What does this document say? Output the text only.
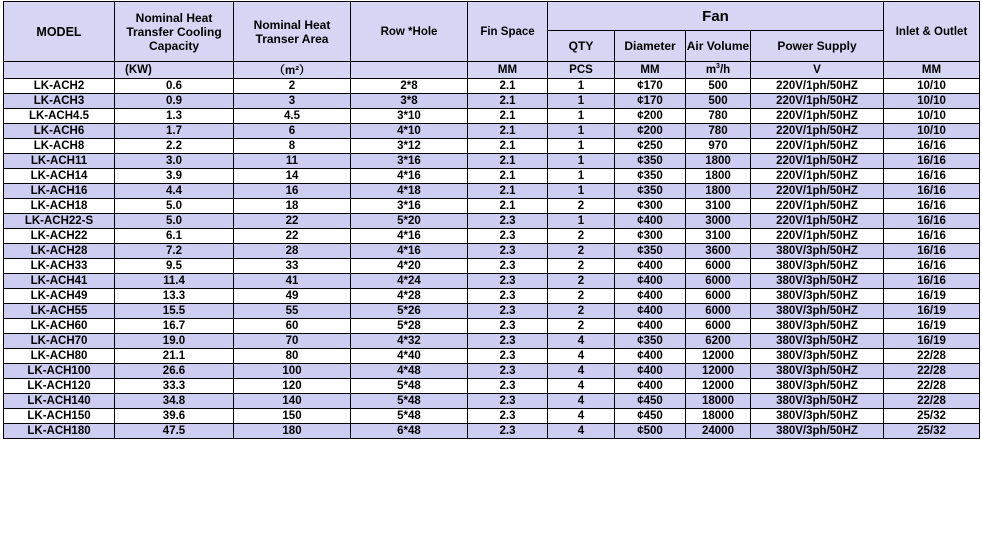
MODEL	Nominal Heat Transfer Cooling Capacity	Nominal Heat Transer Area	Row *Hole	Fin Space	Fan				Inlet & Outlet
					QTY	Diameter	Air Volume	Power Supply	
	(KW)	（m²）		MM	PCS	MM	$m^3/h$	V	MM
LK-ACH2	0.6	2	2*8	2.1	1	¢170	500	220V/1ph/50HZ	10/10
LK-ACH3	0.9	3	3*8	2.1	1	¢170	500	220V/1ph/50HZ	10/10
LK-ACH4.5	1.3	4.5	3*10	2.1	1	¢200	780	220V/1ph/50HZ	10/10
LK-ACH6	1.7	6	4*10	2.1	1	¢200	780	220V/1ph/50HZ	10/10
LK-ACH8	2.2	8	3*12	2.1	1	¢250	970	220V/1ph/50HZ	16/16
LK-ACH11	3.0	11	3*16	2.1	1	¢350	1800	220V/1ph/50HZ	16/16
LK-ACH14	3.9	14	4*16	2.1	1	¢350	1800	220V/1ph/50HZ	16/16
LK-ACH16	4.4	16	4*18	2.1	1	¢350	1800	220V/1ph/50HZ	16/16
LK-ACH18	5.0	18	3*16	2.1	2	¢300	3100	220V/1ph/50HZ	16/16
LK-ACH22-S	5.0	22	5*20	2.3	1	¢400	3000	220V/1ph/50HZ	16/16
LK-ACH22	6.1	22	4*16	2.3	2	¢300	3100	220V/1ph/50HZ	16/16
LK-ACH28	7.2	28	4*16	2.3	2	¢350	3600	380V/3ph/50HZ	16/16
LK-ACH33	9.5	33	4*20	2.3	2	¢400	6000	380V/3ph/50HZ	16/16
LK-ACH41	11.4	41	4*24	2.3	2	¢400	6000	380V/3ph/50HZ	16/16
LK-ACH49	13.3	49	4*28	2.3	2	¢400	6000	380V/3ph/50HZ	16/19
LK-ACH55	15.5	55	5*26	2.3	2	¢400	6000	380V/3ph/50HZ	16/19
LK-ACH60	16.7	60	5*28	2.3	2	¢400	6000	380V/3ph/50HZ	16/19
LK-ACH70	19.0	70	4*32	2.3	4	¢350	6200	380V/3ph/50HZ	16/19
LK-ACH80	21.1	80	4*40	2.3	4	¢400	12000	380V/3ph/50HZ	22/28
LK-ACH100	26.6	100	4*48	2.3	4	¢400	12000	380V/3ph/50HZ	22/28
LK-ACH120	33.3	120	5*48	2.3	4	¢400	12000	380V/3ph/50HZ	22/28
LK-ACH140	34.8	140	5*48	2.3	4	¢450	18000	380V/3ph/50HZ	22/28
LK-ACH150	39.6	150	5*48	2.3	4	¢450	18000	380V/3ph/50HZ	25/32
LK-ACH180	47.5	180	6*48	2.3	4	¢500	24000	380V/3ph/50HZ	25/32
